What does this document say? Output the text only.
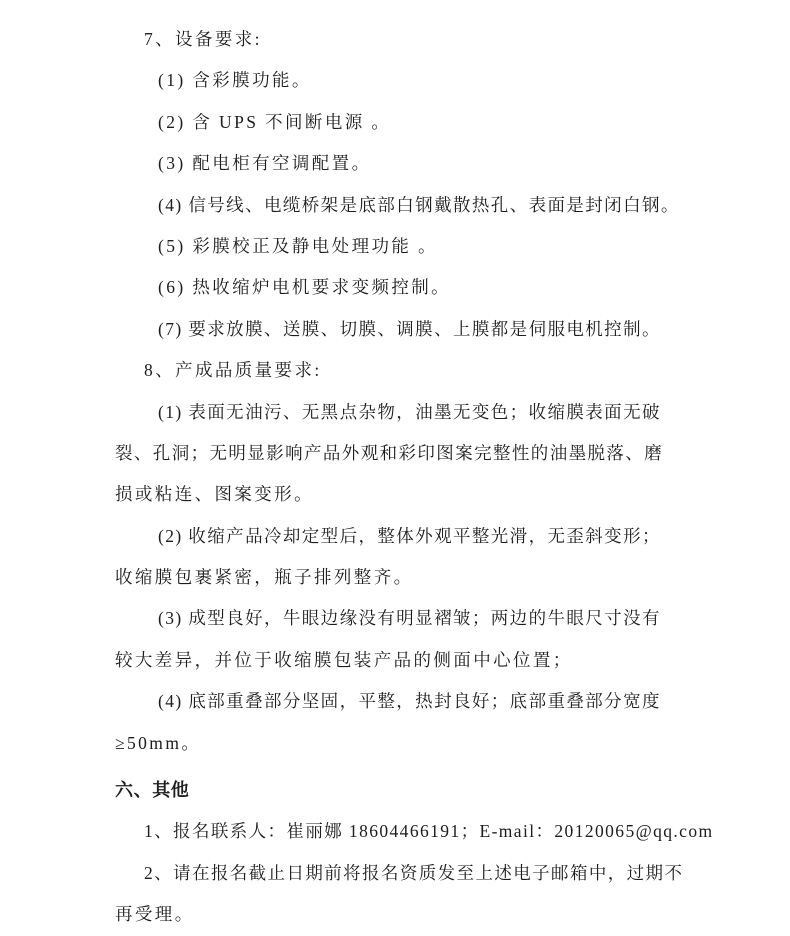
7、设备要求:
(1) 含彩膜功能。
(2) 含 UPS 不间断电源 。
(3) 配电柜有空调配置。
(4) 信号线、电缆桥架是底部白钢戴散热孔、表面是封闭白钢。
(5) 彩膜校正及静电处理功能 。
(6) 热收缩炉电机要求变频控制。
(7) 要求放膜、送膜、切膜、调膜、上膜都是伺服电机控制。
8、产成品质量要求:
(1) 表面无油污、无黑点杂物，油墨无变色；收缩膜表面无破
裂、孔洞；无明显影响产品外观和彩印图案完整性的油墨脱落、磨
损或粘连、图案变形。
(2) 收缩产品冷却定型后，整体外观平整光滑，无歪斜变形；
收缩膜包裹紧密，瓶子排列整齐。
(3) 成型良好，牛眼边缘没有明显褶皱；两边的牛眼尺寸没有
较大差异，并位于收缩膜包装产品的侧面中心位置；
(4) 底部重叠部分坚固，平整，热封良好；底部重叠部分宽度
≥50mm。
六、其他
1、报名联系人：崔丽娜 18604466191；E-mail：20120065@qq.com
2、请在报名截止日期前将报名资质发至上述电子邮箱中，过期不
再受理。
